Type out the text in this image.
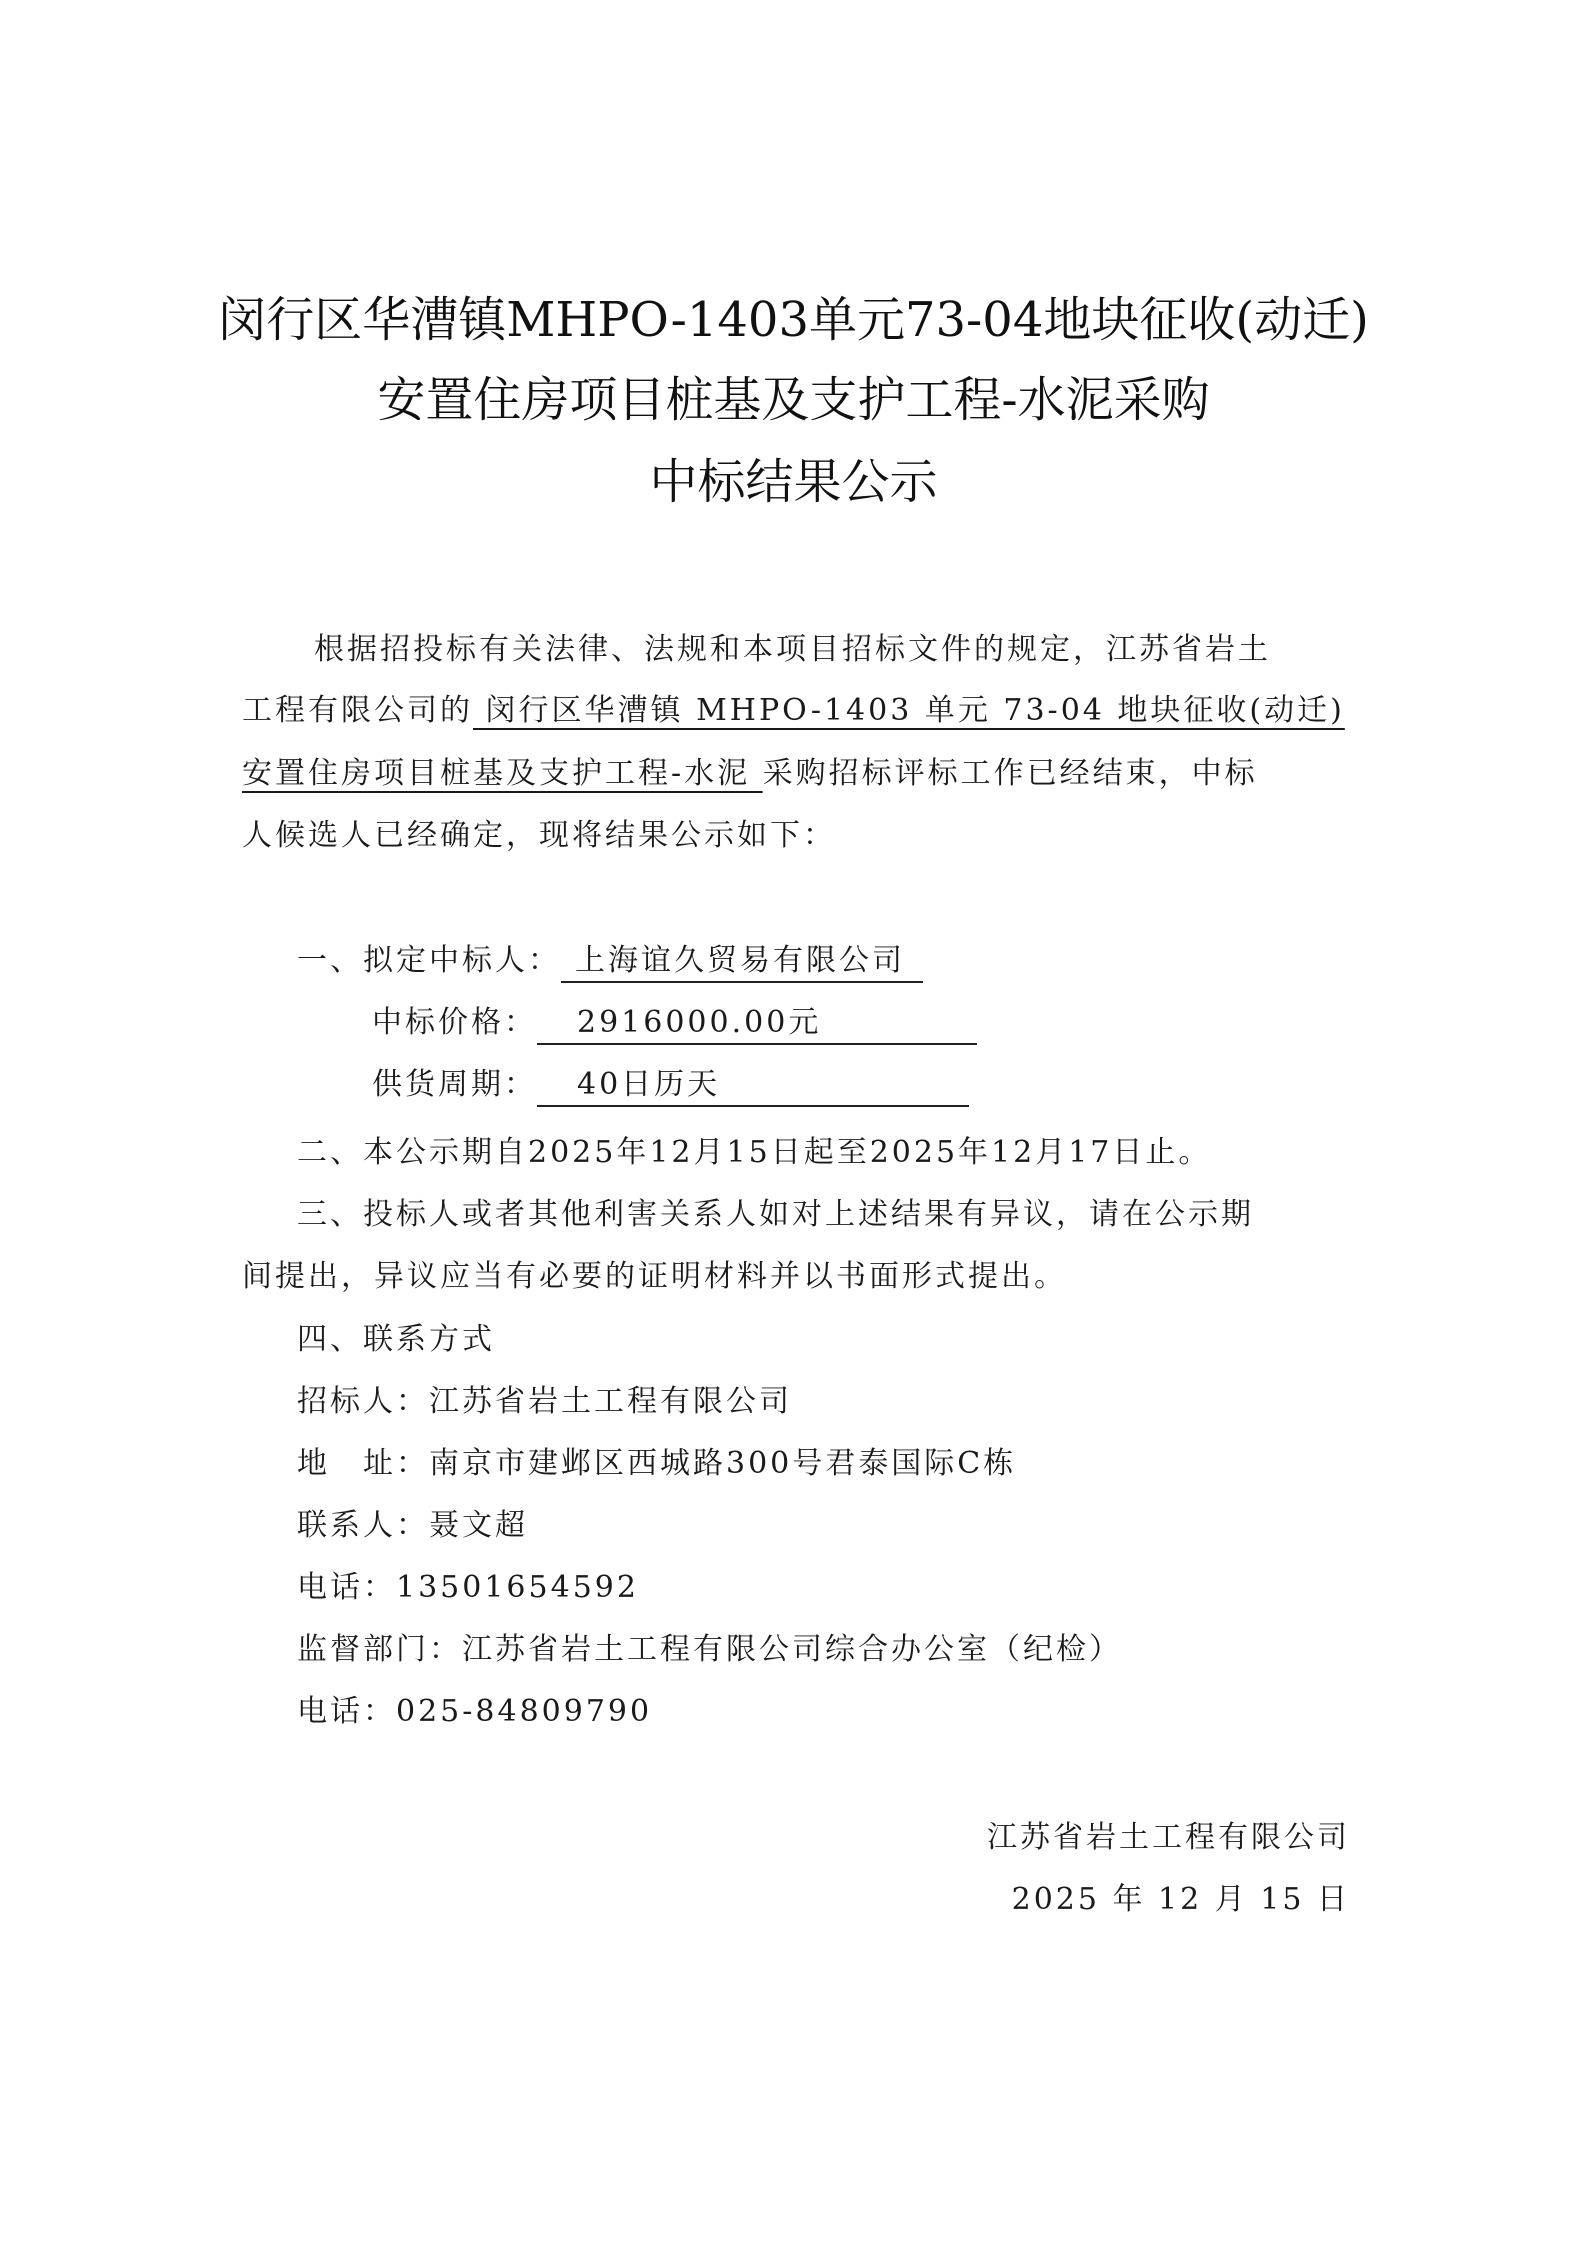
闵行区华漕镇MHPO-1403单元73-04地块征收(动迁)
安置住房项目桩基及支护工程-水泥采购
中标结果公示
根据招投标有关法律、法规和本项目招标文件的规定，江苏省岩土
工程有限公司的 闵行区华漕镇 MHPO-1403 单元 73-04 地块征收(动迁)
安置住房项目桩基及支护工程-水泥 采购招标评标工作已经结束，中标
人候选人已经确定，现将结果公示如下：
一、拟定中标人： 上海谊久贸易有限公司
中标价格： 2916000.00元
供货周期： 40日历天
二、本公示期自2025年12月15日起至2025年12月17日止。
三、投标人或者其他利害关系人如对上述结果有异议，请在公示期
间提出，异议应当有必要的证明材料并以书面形式提出。
四、联系方式
招标人：江苏省岩土工程有限公司
地　址：南京市建邺区西城路300号君泰国际C栋
联系人：聂文超
电话：13501654592
监督部门：江苏省岩土工程有限公司综合办公室（纪检）
电话：025-84809790
江苏省岩土工程有限公司
2025 年 12 月 15 日
